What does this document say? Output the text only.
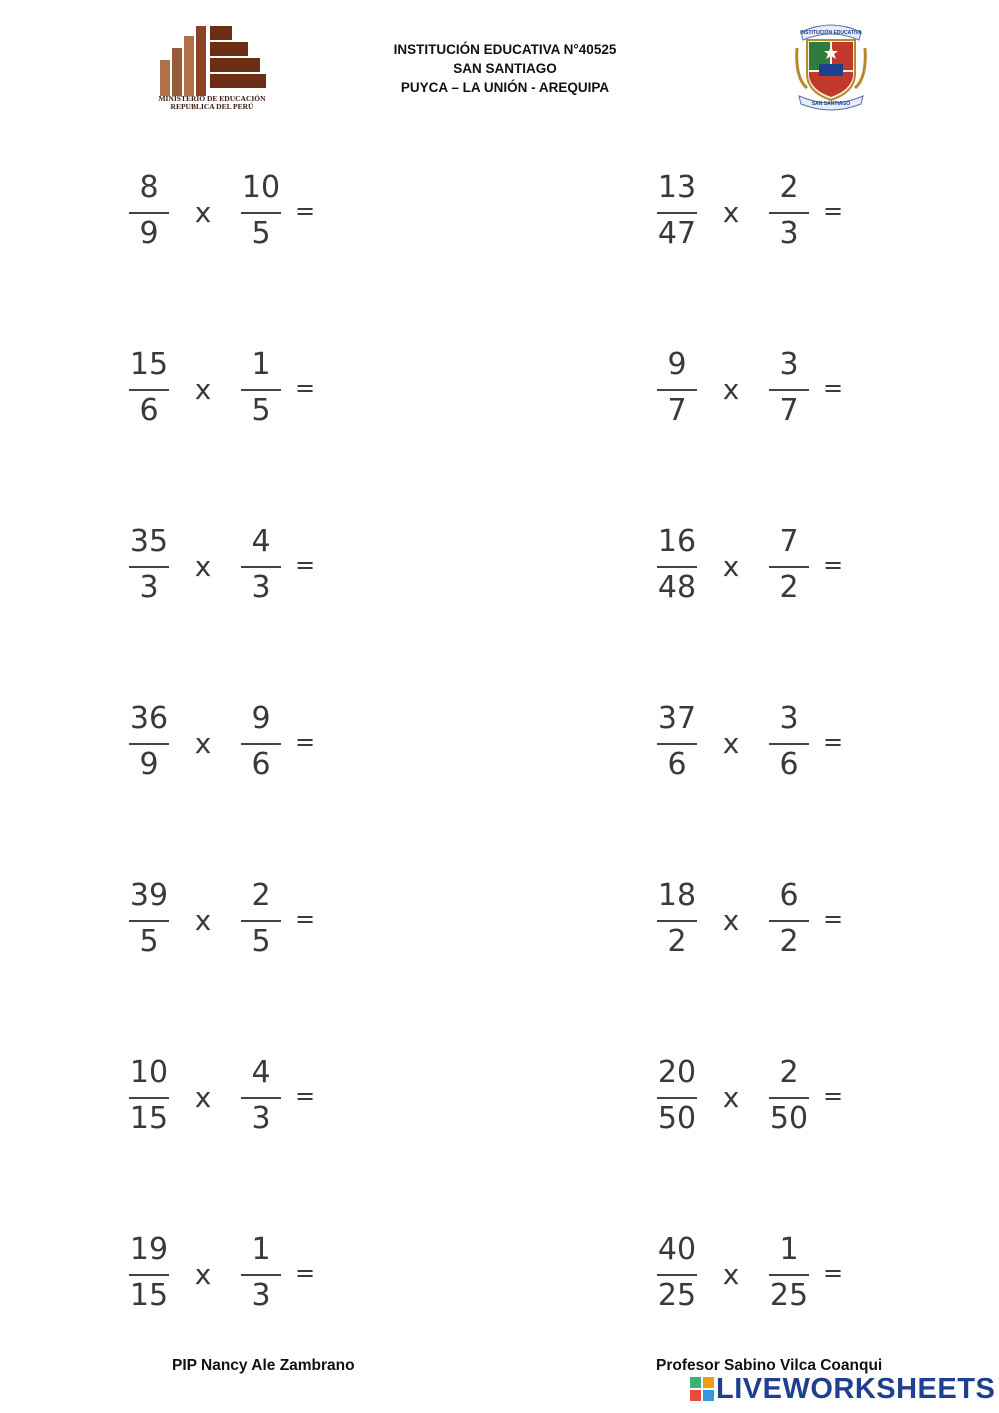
MINISTERIO DE EDUCACIÓN
REPUBLICA DEL PERÚ
INSTITUCIÓN EDUCATIVA N°40525
SAN SANTIAGO
PUYCA – LA UNIÓN - AREQUIPA
INSTITUCIÓN EDUCATIVA
SAN SANTIAGO
8
9
x
10
5
=
15
6
x
1
5
=
35
3
x
4
3
=
36
9
x
9
6
=
39
5
x
2
5
=
10
15
x
4
3
=
19
15
x
1
3
=
13
47
x
2
3
=
9
7
x
3
7
=
16
48
x
7
2
=
37
6
x
3
6
=
18
2
x
6
2
=
20
50
x
2
50
=
40
25
x
1
25
=
PIP Nancy Ale Zambrano	Profesor Sabino Vilca Coanqui
LIVEWORKSHEETS
